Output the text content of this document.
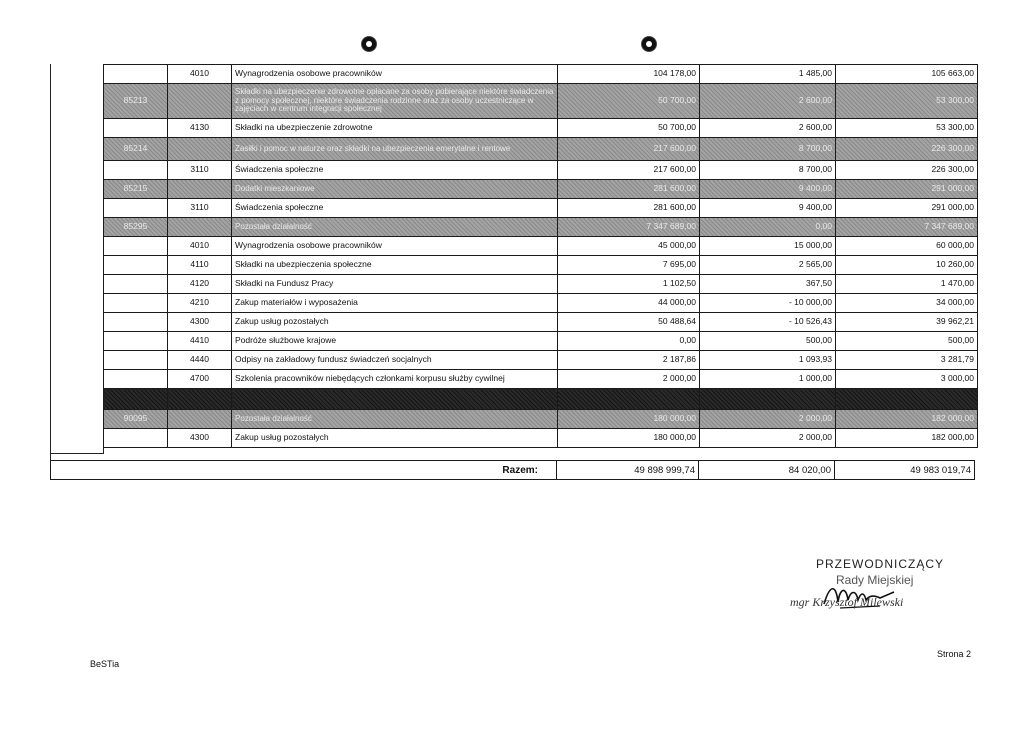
	4010	Wynagrodzenia osobowe pracowników	104 178,00	1 485,00	105 663,00
85213		Składki na ubezpieczenie zdrowotne opłacane za osoby pobierające niektóre świadczenia z pomocy społecznej, niektóre świadczenia rodzinne oraz za osoby uczestniczące w zajęciach w centrum integracji społecznej	50 700,00	2 600,00	53 300,00
	4130	Składki na ubezpieczenie zdrowotne	50 700,00	2 600,00	53 300,00
85214		Zasiłki i pomoc w naturze oraz składki na ubezpieczenia emerytalne i rentowe	217 600,00	8 700,00	226 300,00
	3110	Świadczenia społeczne	217 600,00	8 700,00	226 300,00
85215		Dodatki mieszkaniowe	281 600,00	9 400,00	291 000,00
	3110	Świadczenia społeczne	281 600,00	9 400,00	291 000,00
85295		Pozostała działalność	7 347 689,00	0,00	7 347 689,00
	4010	Wynagrodzenia osobowe pracowników	45 000,00	15 000,00	60 000,00
	4110	Składki na ubezpieczenia społeczne	7 695,00	2 565,00	10 260,00
	4120	Składki na Fundusz Pracy	1 102,50	367,50	1 470,00
	4210	Zakup materiałów i wyposażenia	44 000,00	- 10 000,00	34 000,00
	4300	Zakup usług pozostałych	50 488,64	- 10 526,43	39 962,21
	4410	Podróże służbowe krajowe	0,00	500,00	500,00
	4440	Odpisy na zakładowy fundusz świadczeń socjalnych	2 187,86	1 093,93	3 281,79
	4700	Szkolenia pracowników niebędących członkami korpusu służby cywilnej	2 000,00	1 000,00	3 000,00

90095		Pozostała działalność	180 000,00	2 000,00	182 000,00
	4300	Zakup usług pozostałych	180 000,00	2 000,00	182 000,00
Razem:	49 898 999,74	84 020,00	49 983 019,74
PRZEWODNICZĄCY
Rady Miejskiej
mgr Krzysztof Milewski
BeSTia
Strona 2
